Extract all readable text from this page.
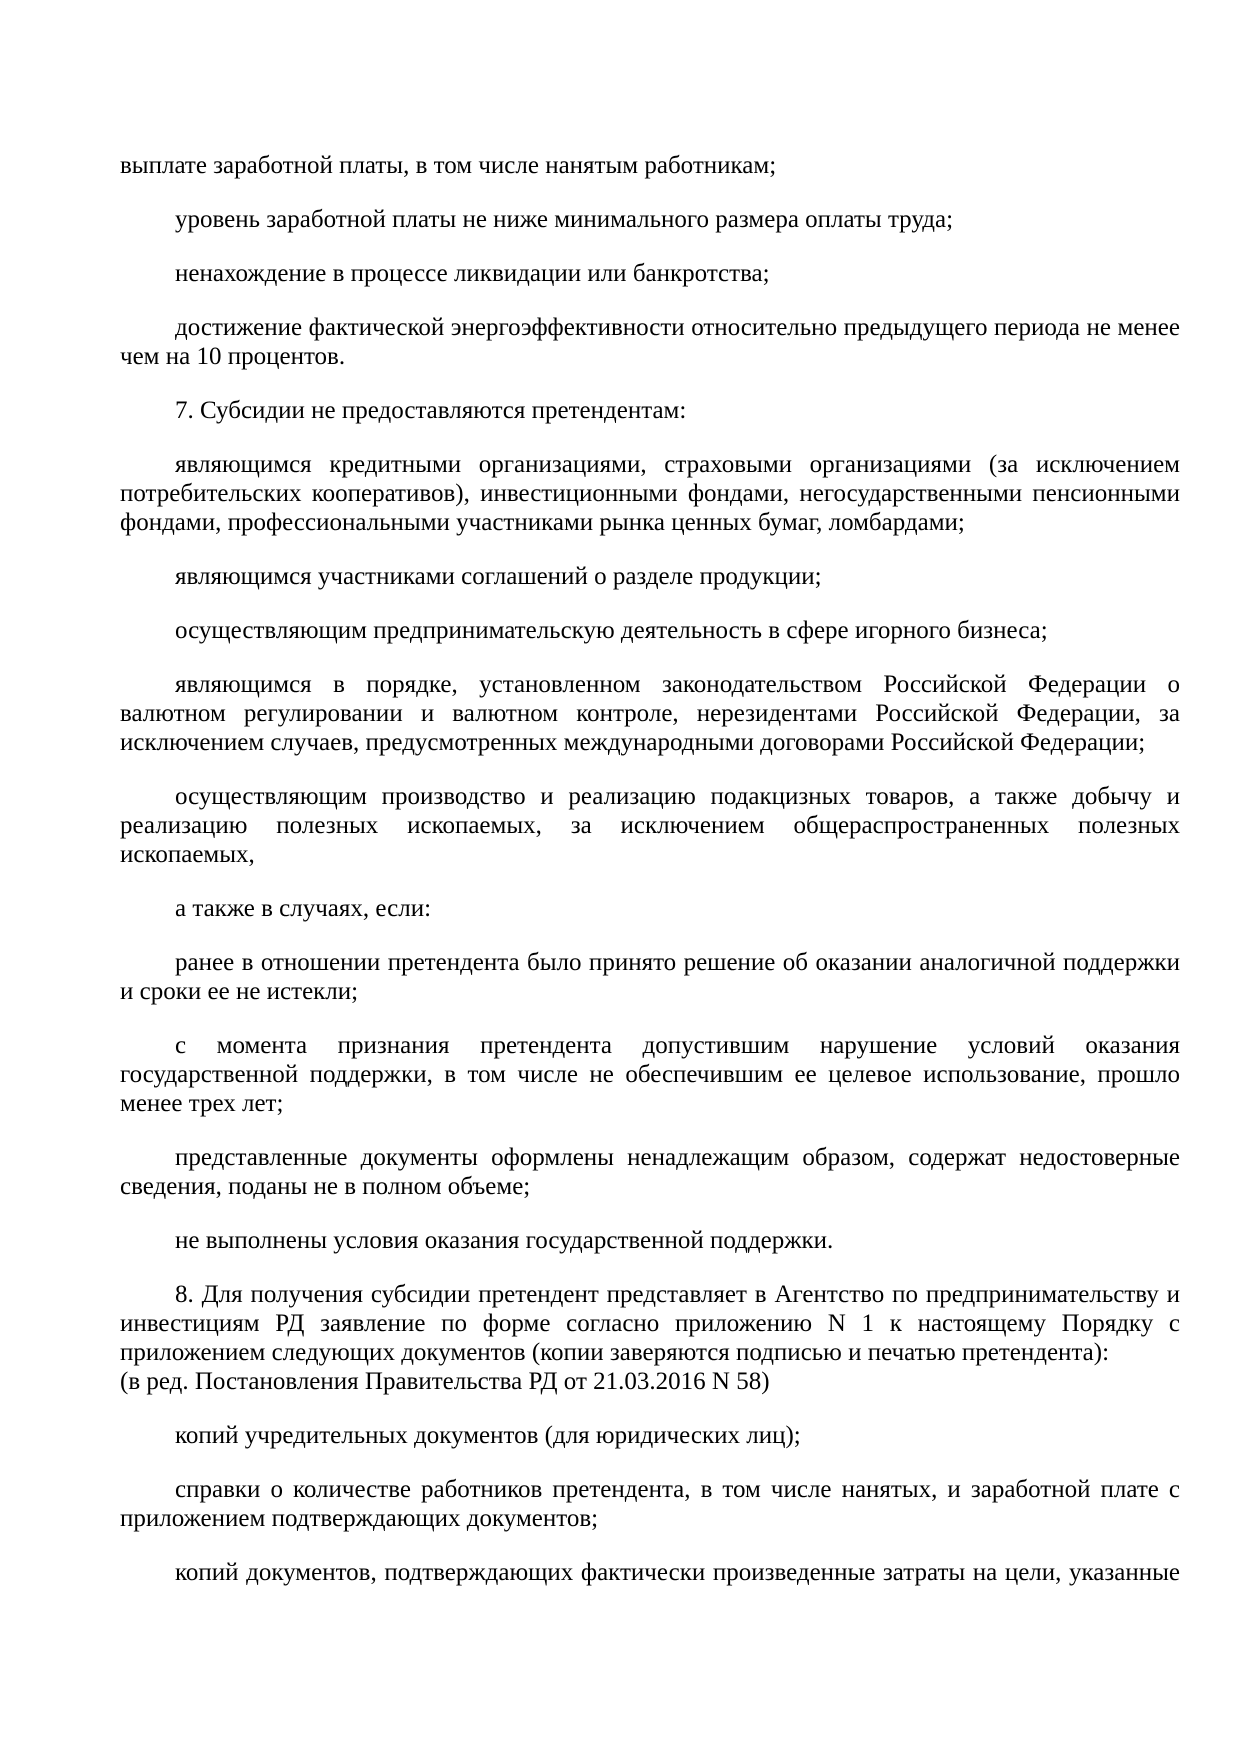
выплате заработной платы, в том числе нанятым работникам;

уровень заработной платы не ниже минимального размера оплаты труда;

ненахождение в процессе ликвидации или банкротства;

достижение фактической энергоэффективности относительно предыдущего периода не менее чем на 10 процентов.

7. Субсидии не предоставляются претендентам:

являющимся кредитными организациями, страховыми организациями (за исключением потребительских кооперативов), инвестиционными фондами, негосударственными пенсионными фондами, профессиональными участниками рынка ценных бумаг, ломбардами;

являющимся участниками соглашений о разделе продукции;

осуществляющим предпринимательскую деятельность в сфере игорного бизнеса;

являющимся в порядке, установленном законодательством Российской Федерации о валютном регулировании и валютном контроле, нерезидентами Российской Федерации, за исключением случаев, предусмотренных международными договорами Российской Федерации;

осуществляющим производство и реализацию подакцизных товаров, а также добычу и реализацию полезных ископаемых, за исключением общераспространенных полезных ископаемых,

а также в случаях, если:

ранее в отношении претендента было принято решение об оказании аналогичной поддержки и сроки ее не истекли;

с момента признания претендента допустившим нарушение условий оказания государственной поддержки, в том числе не обеспечившим ее целевое использование, прошло менее трех лет;

представленные документы оформлены ненадлежащим образом, содержат недостоверные сведения, поданы не в полном объеме;

не выполнены условия оказания государственной поддержки.

8. Для получения субсидии претендент представляет в Агентство по предпринимательству и инвестициям РД заявление по форме согласно приложению N 1 к настоящему Порядку с приложением следующих документов (копии заверяются подписью и печатью претендента):

(в ред. Постановления Правительства РД от 21.03.2016 N 58)

копий учредительных документов (для юридических лиц);

справки о количестве работников претендента, в том числе нанятых, и заработной плате с приложением подтверждающих документов;

копий документов, подтверждающих фактически произведенные затраты на цели, указанные
